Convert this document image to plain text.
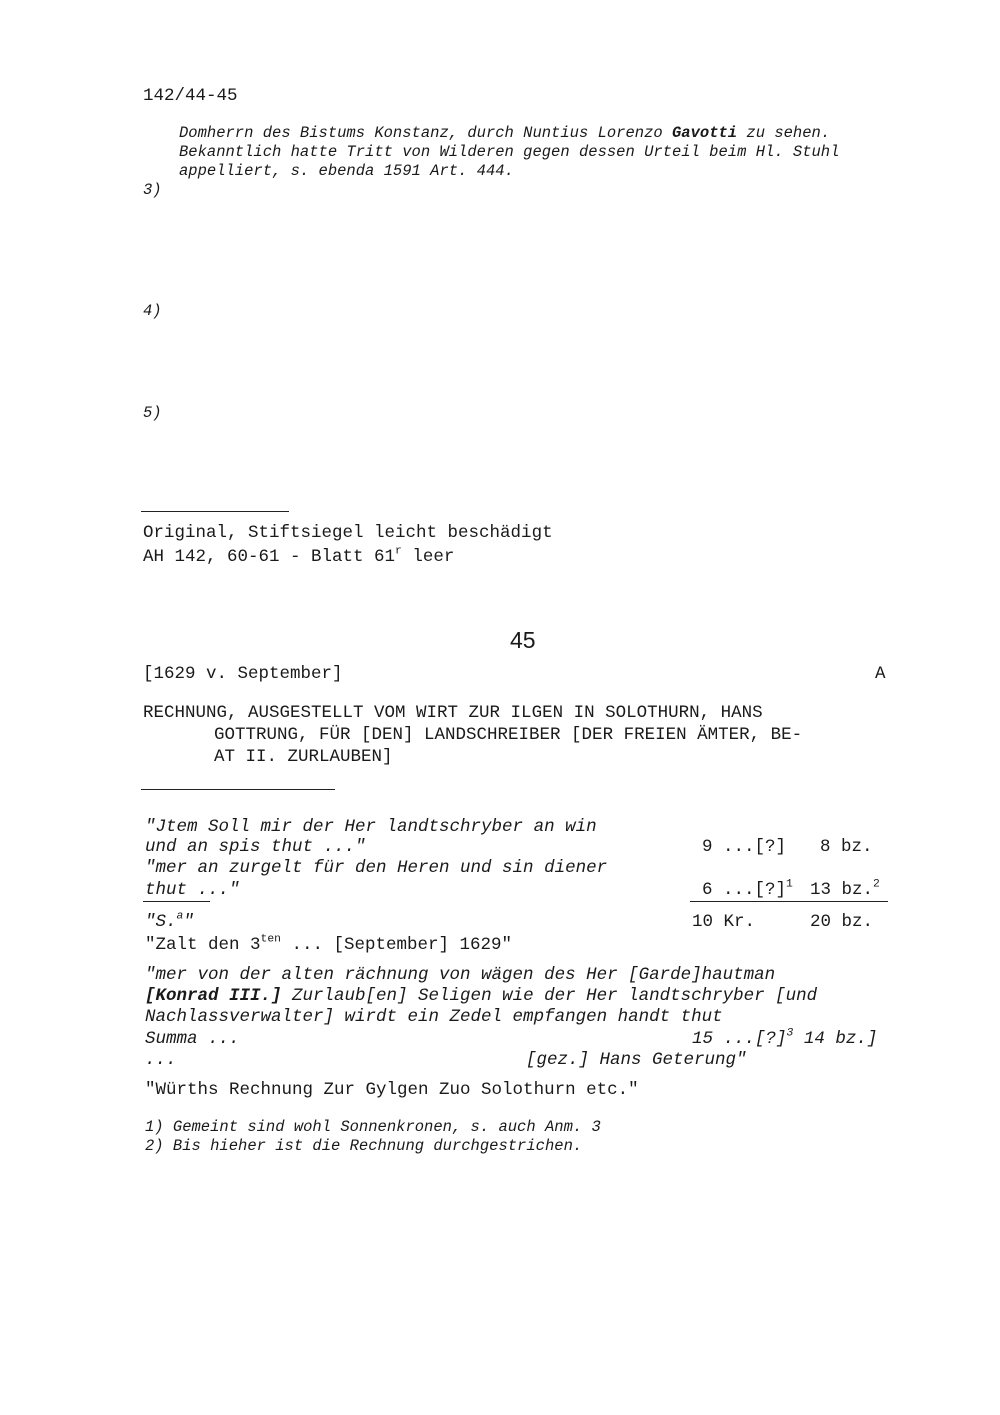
142/44-45
Domherrn des Bistums Konstanz, durch Nuntius Lorenzo Gavotti zu sehen.
Bekanntlich hatte Tritt von Wilderen gegen dessen Urteil beim Hl. Stuhl
appelliert, s. ebenda 1591 Art. 444.
3)
4)
5)
Original, Stiftsiegel leicht beschädigt
AH 142, 60-61 - Blatt 61$^r$ leer
45
[1629 v. September]	A
RECHNUNG, AUSGESTELLT VOM WIRT ZUR ILGEN IN SOLOTHURN, HANS
GOTTRUNG, FÜR [DEN] LANDSCHREIBER [DER FREIEN ÄMTER, BE-
AT II. ZURLAUBEN]
"Jtem Soll mir der Her landtschryber an win
und an spis thut ..."	9 ...[?] 8 bz.
"mer an zurgelt für den Heren und sin diener
thut ..."	6 ...[?]$^1$ 13 bz.$^2$
"S.$^a$"	10 Kr.	20 bz.
"Zalt den $3^{ten}$ ... [September] 1629"
"mer von der alten rächnung von wägen des Her [Garde]hautman
[Konrad III.] Zurlaub[en] Seligen wie der Her landtschryber [und
Nachlassverwalter] wirdt ein Zedel empfangen handt thut
Summa ...	15 ...[?]$^3$ 14 bz.]
...	[gez.] Hans Geterung"
"Würths Rechnung Zur Gylgen Zuo Solothurn etc."
1) Gemeint sind wohl Sonnenkronen, s. auch Anm. 3
2) Bis hieher ist die Rechnung durchgestrichen.
